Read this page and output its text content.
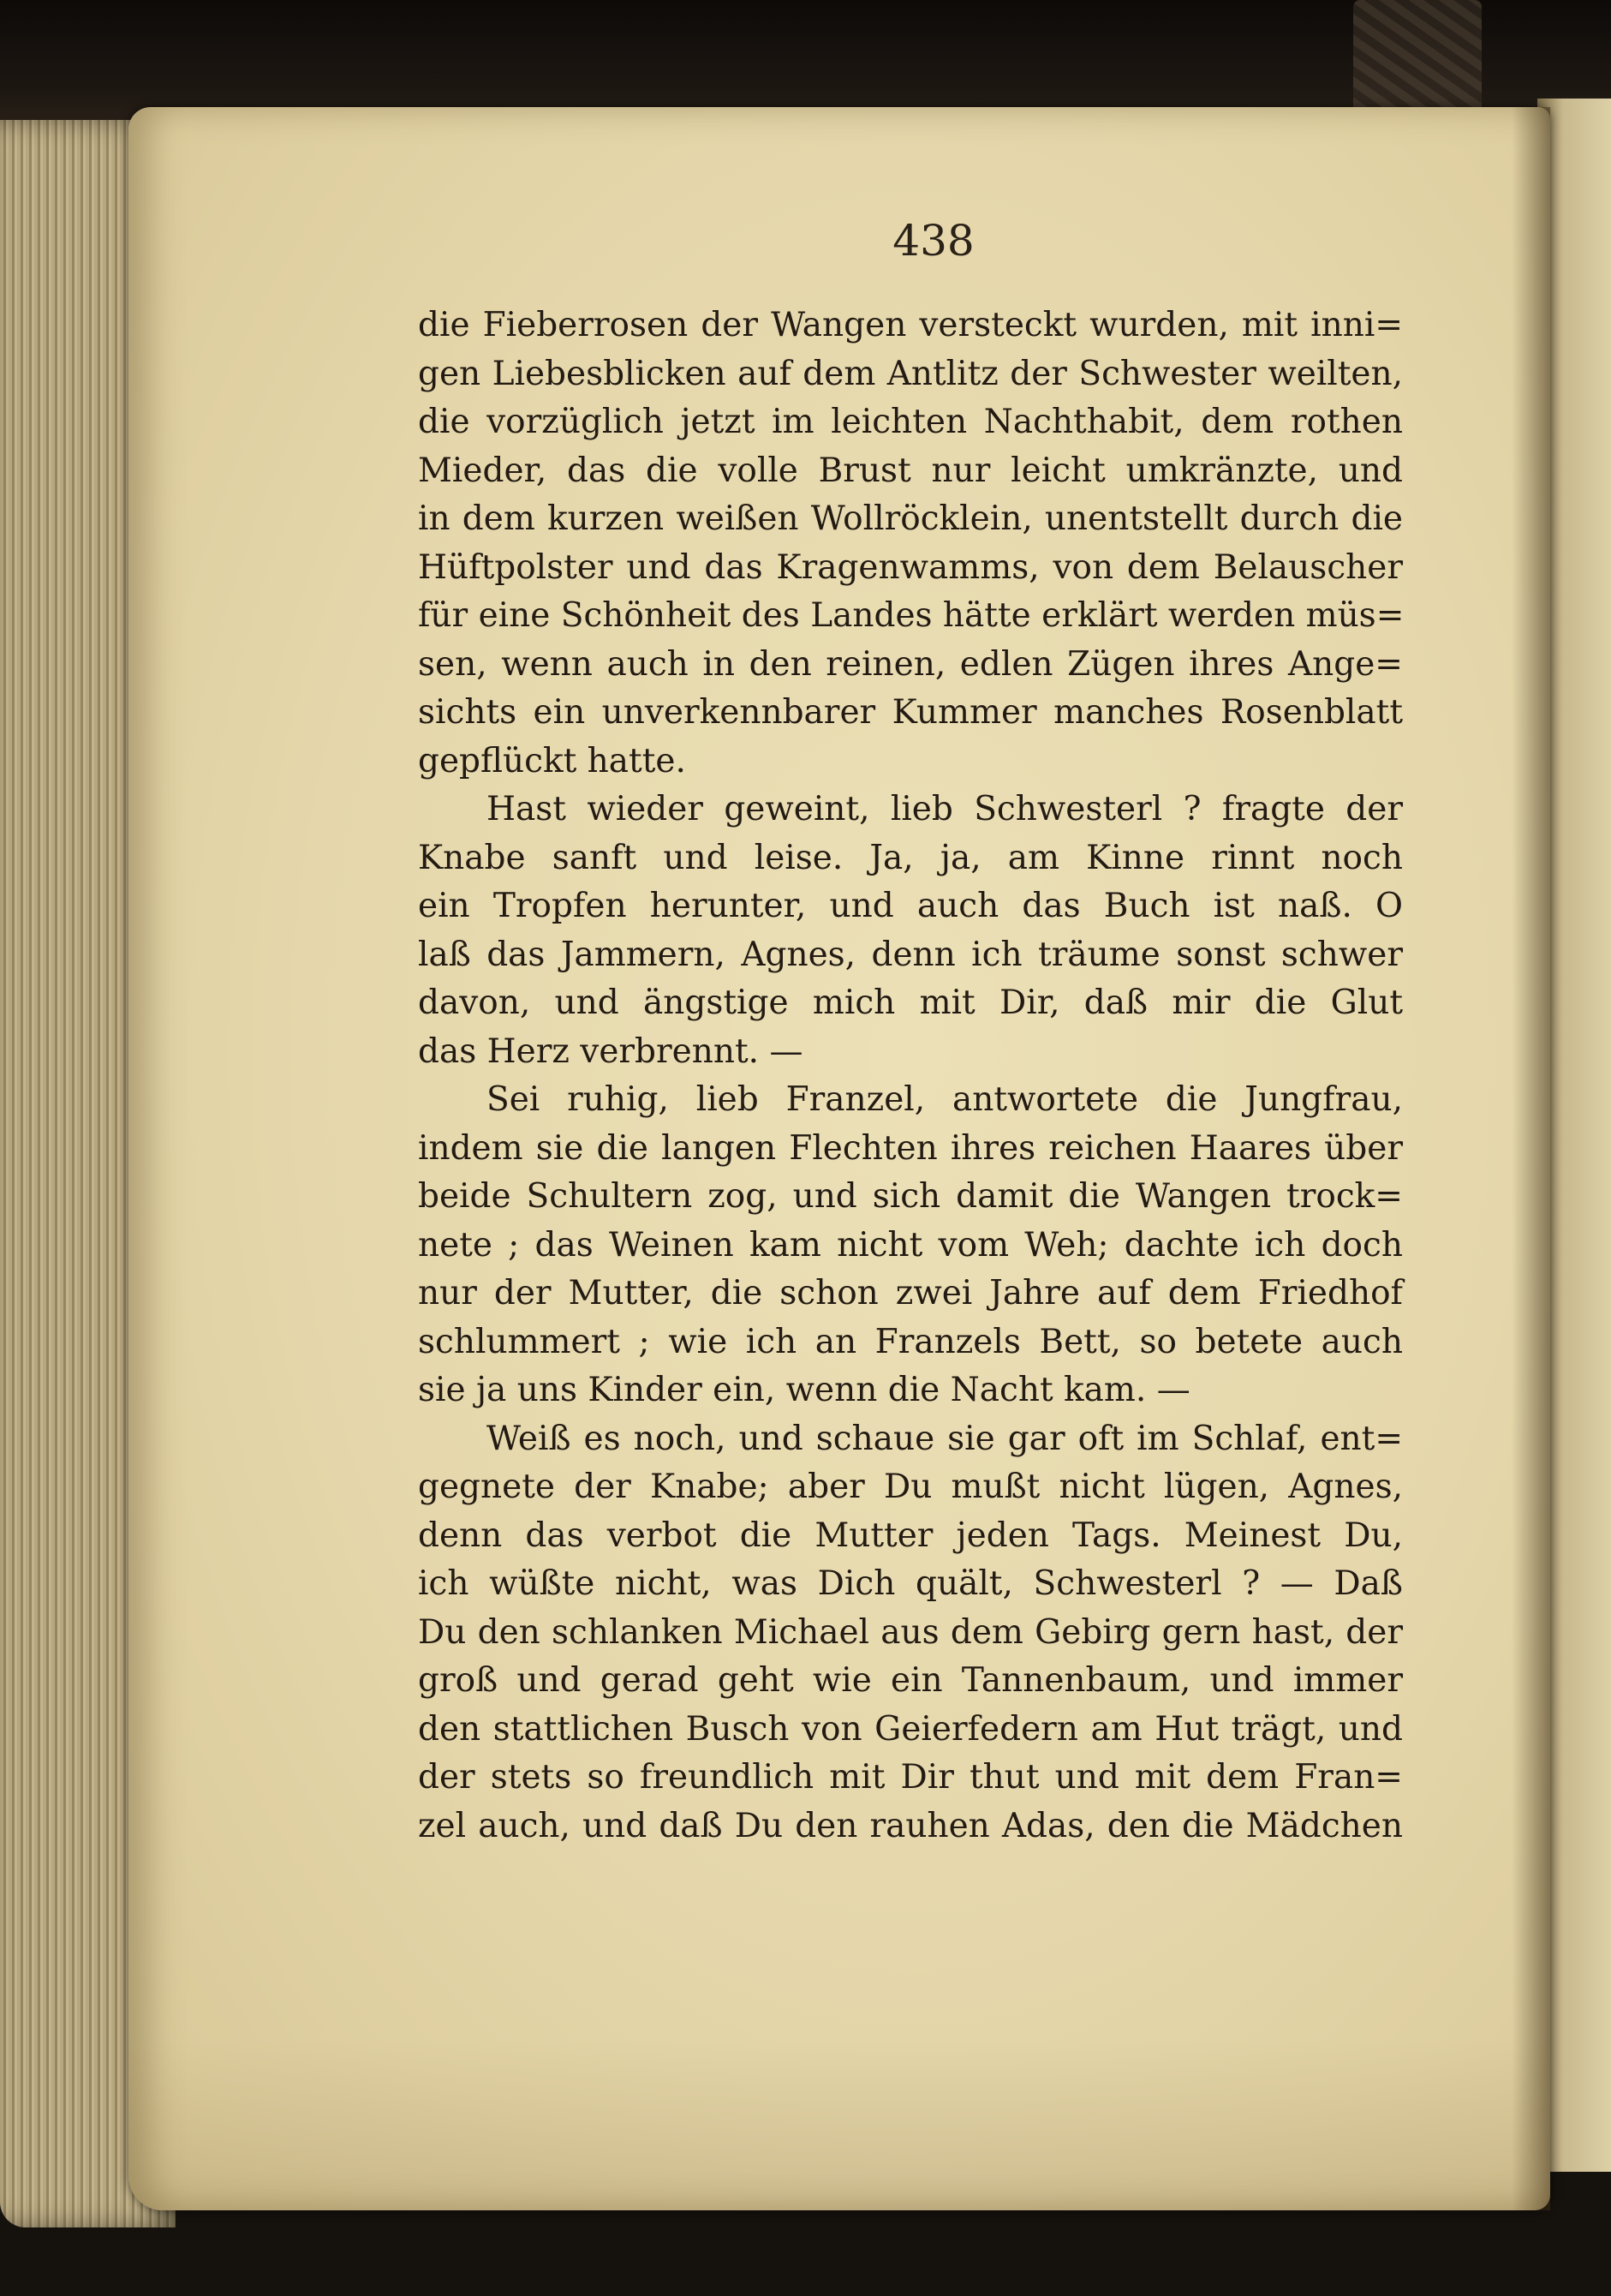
438

die Fieberrosen der Wangen versteckt wurden, mit inni=
gen Liebesblicken auf dem Antlitz der Schwester weilten,
die vorzüglich jetzt im leichten Nachthabit, dem rothen
Mieder, das die volle Brust nur leicht umkränzte, und
in dem kurzen weißen Wollröcklein, unentstellt durch die
Hüftpolster und das Kragenwamms, von dem Belauscher
für eine Schönheit des Landes hätte erklärt werden müs=
sen, wenn auch in den reinen, edlen Zügen ihres Ange=
sichts ein unverkennbarer Kummer manches Rosenblatt
gepflückt hatte.

Hast wieder geweint, lieb Schwesterl ? fragte der
Knabe sanft und leise. Ja, ja, am Kinne rinnt noch
ein Tropfen herunter, und auch das Buch ist naß. O
laß das Jammern, Agnes, denn ich träume sonst schwer
davon, und ängstige mich mit Dir, daß mir die Glut
das Herz verbrennt. —

Sei ruhig, lieb Franzel, antwortete die Jungfrau,
indem sie die langen Flechten ihres reichen Haares über
beide Schultern zog, und sich damit die Wangen trock=
nete ; das Weinen kam nicht vom Weh; dachte ich doch
nur der Mutter, die schon zwei Jahre auf dem Friedhof
schlummert ; wie ich an Franzels Bett, so betete auch
sie ja uns Kinder ein, wenn die Nacht kam. —

Weiß es noch, und schaue sie gar oft im Schlaf, ent=
gegnete der Knabe; aber Du mußt nicht lügen, Agnes,
denn das verbot die Mutter jeden Tags. Meinest Du,
ich wüßte nicht, was Dich quält, Schwesterl ? — Daß
Du den schlanken Michael aus dem Gebirg gern hast, der
groß und gerad geht wie ein Tannenbaum, und immer
den stattlichen Busch von Geierfedern am Hut trägt, und
der stets so freundlich mit Dir thut und mit dem Fran=
zel auch, und daß Du den rauhen Adas, den die Mädchen
